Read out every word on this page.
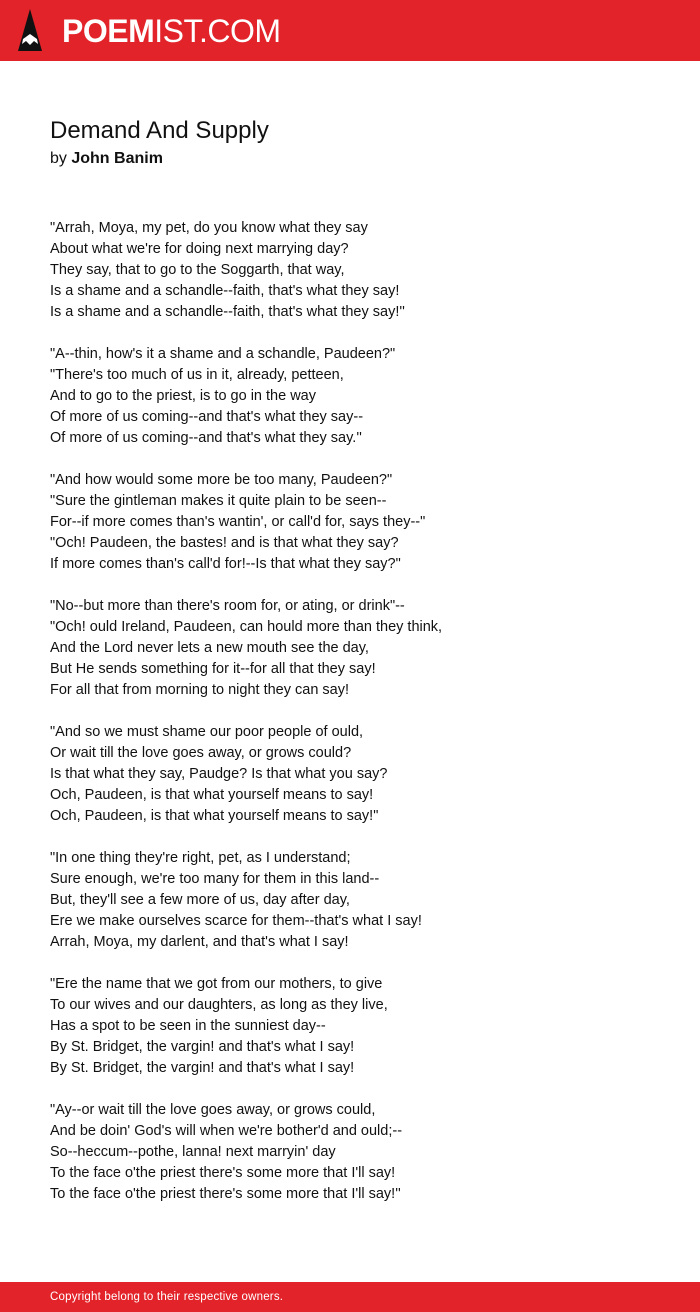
POEMIST.COM
Demand And Supply
by John Banim
"Arrah, Moya, my pet, do you know what they say
About what we're for doing next marrying day?
They say, that to go to the Soggarth, that way,
Is a shame and a schandle--faith, that's what they say!
Is a shame and a schandle--faith, that's what they say!''
"A--thin, how's it a shame and a schandle, Paudeen?"
"There's too much of us in it, already, petteen,
And to go to the priest, is to go in the way
Of more of us coming--and that's what they say--
Of more of us coming--and that's what they say.''
"And how would some more be too many, Paudeen?"
"Sure the gintleman makes it quite plain to be seen--
For--if more comes than's wantin', or call'd for, says they--"
"Och! Paudeen, the bastes! and is that what they say?
If more comes than's call'd for!--Is that what they say?"
"No--but more than there's room for, or ating, or drink"--
"Och! ould Ireland, Paudeen, can hould more than they think,
And the Lord never lets a new mouth see the day,
But He sends something for it--for all that they say!
For all that from morning to night they can say!
"And so we must shame our poor people of ould,
Or wait till the love goes away, or grows could?
Is that what they say, Paudge? Is that what you say?
Och, Paudeen, is that what yourself means to say!
Och, Paudeen, is that what yourself means to say!"
"In one thing they're right, pet, as I understand;
Sure enough, we're too many for them in this land--
But, they'll see a few more of us, day after day,
Ere we make ourselves scarce for them--that's what I say!
Arrah, Moya, my darlent, and that's what I say!
"Ere the name that we got from our mothers, to give
To our wives and our daughters, as long as they live,
Has a spot to be seen in the sunniest day--
By St. Bridget, the vargin! and that's what I say!
By St. Bridget, the vargin! and that's what I say!
"Ay--or wait till the love goes away, or grows could,
And be doin' God's will when we're bother'd and ould;--
So--heccum--pothe, lanna! next marryin' day
To the face o'the priest there's some more that I'll say!
To the face o'the priest there's some more that I'll say!''
Copyright belong to their respective owners.
